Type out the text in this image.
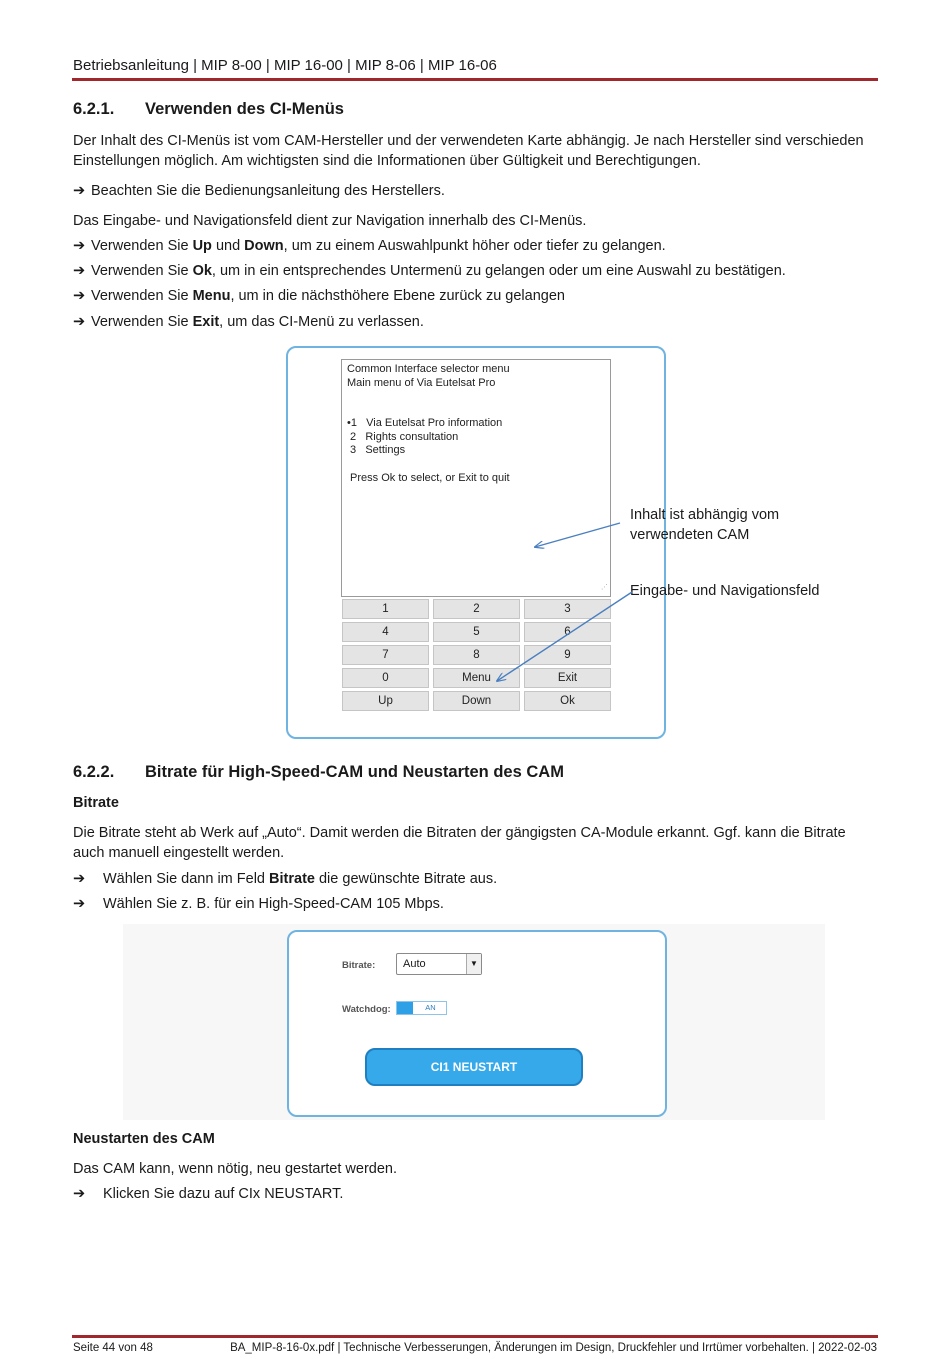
Betriebsanleitung | MIP 8-00 | MIP 16-00 | MIP 8-06 | MIP 16-06
6.2.1. Verwenden des CI-Menüs
Der Inhalt des CI-Menüs ist vom CAM-Hersteller und der verwendeten Karte abhängig. Je nach Hersteller sind verschieden Einstellungen möglich. Am wichtigsten sind die Informationen über Gültigkeit und Berechtigungen.
➔ Beachten Sie die Bedienungsanleitung des Herstellers.
Das Eingabe- und Navigationsfeld dient zur Navigation innerhalb des CI-Menüs.
➔ Verwenden Sie Up und Down, um zu einem Auswahlpunkt höher oder tiefer zu gelangen.
➔ Verwenden Sie Ok, um in ein entsprechendes Untermenü zu gelangen oder um eine Auswahl zu bestätigen.
➔ Verwenden Sie Menu, um in die nächsthöhere Ebene zurück zu gelangen
➔ Verwenden Sie Exit, um das CI-Menü zu verlassen.
Common Interface selector menu
Main menu of Via Eutelsat Pro
•1   Via Eutelsat Pro information
2   Rights consultation
3   Settings
Press Ok to select, or Exit to quit
⋰
1	2	3
4	5	6
7	8	9
0	Menu	Exit
Up	Down	Ok
Inhalt ist abhängig vom
verwendeten CAM
Eingabe- und Navigationsfeld
6.2.2. Bitrate für High-Speed-CAM und Neustarten des CAM
Bitrate
Die Bitrate steht ab Werk auf „Auto“. Damit werden die Bitraten der gängigsten CA-Module erkannt. Ggf. kann die Bitrate auch manuell eingestellt werden.
➔ Wählen Sie dann im Feld Bitrate die gewünschte Bitrate aus.
➔ Wählen Sie z. B. für ein High-Speed-CAM 105 Mbps.
Bitrate:	Auto	▼
Watchdog:	AN
CI1 NEUSTART
Neustarten des CAM
Das CAM kann, wenn nötig, neu gestartet werden.
➔ Klicken Sie dazu auf CIx NEUSTART.
Seite 44 von 48	BA_MIP-8-16-0x.pdf | Technische Verbesserungen, Änderungen im Design, Druckfehler und Irrtümer vorbehalten. | 2022-02-03
